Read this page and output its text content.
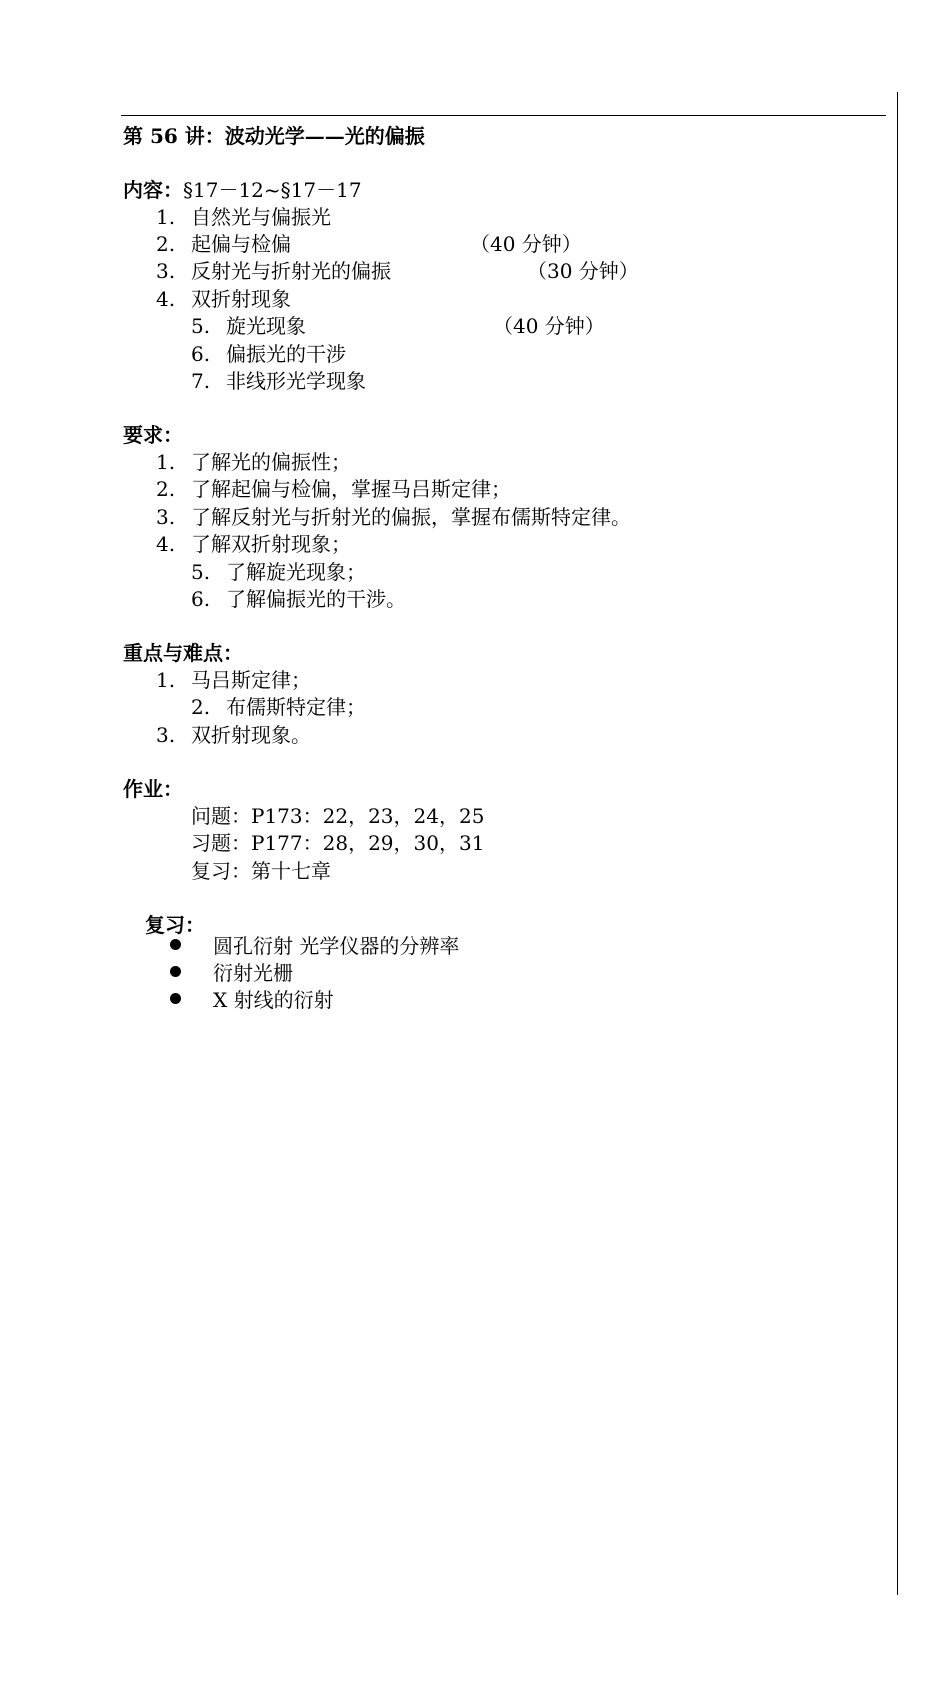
第 56 讲：波动光学——光的偏振
内容：§17－12~§17－17
1. 自然光与偏振光
2. 起偏与检偏	（40 分钟）
3. 反射光与折射光的偏振	（30 分钟）
4. 双折射现象
5. 旋光现象	（40 分钟）
6. 偏振光的干涉
7. 非线形光学现象
要求：
1. 了解光的偏振性；
2. 了解起偏与检偏，掌握马吕斯定律；
3. 了解反射光与折射光的偏振，掌握布儒斯特定律。
4. 了解双折射现象；
5. 了解旋光现象；
6. 了解偏振光的干涉。
重点与难点：
1. 马吕斯定律；
2. 布儒斯特定律；
3. 双折射现象。
作业：
问题：P173：22，23，24，25
习题：P177：28，29，30，31
复习：第十七章
复习：
圆孔衍射 光学仪器的分辨率
衍射光栅
X 射线的衍射
